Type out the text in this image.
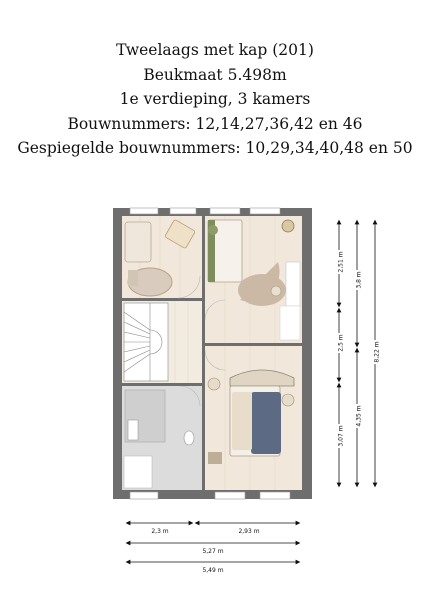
Tweelaags met kap (201)
Beukmaat 5.498m
1e verdieping, 3 kamers
Bouwnummers: 12,14,27,36,42 en 46
Gespiegelde bouwnummers: 10,29,34,40,48 en 50
2,51 m
2,5 m
3,07 m
3,8 m
4,35 m
8,22 m
2,3 m	2,93 m
5,27 m
5,49 m
